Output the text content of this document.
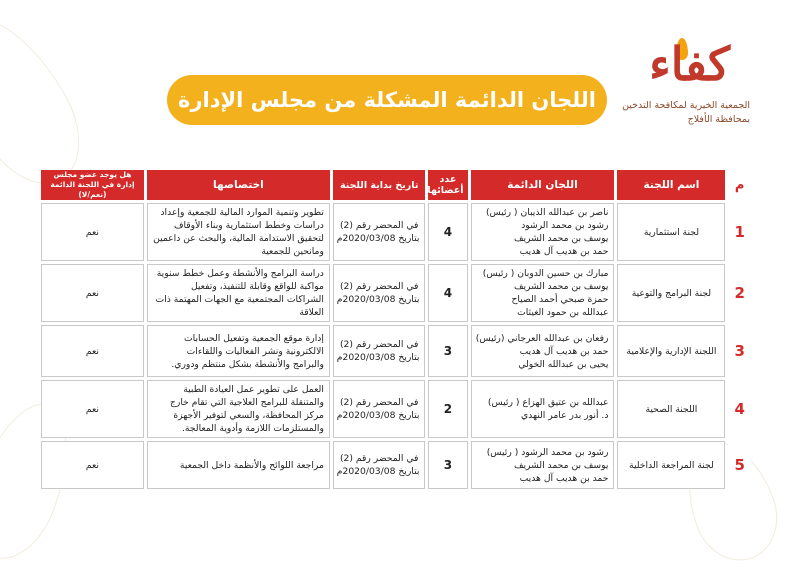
كفاء
الجمعية الخيرية لمكافحة التدخين
بمحافظة الأفلاج
اللجان الدائمة المشكلة من مجلس الإدارة
م	اسم اللجنة	اللجان الدائمة	عدد أعضائها	تاريخ بداية اللجنة	اختصاصها	هل يوجد عضو مجلس إدارة في اللجنة الدائمة (نعم/لا)
1	لجنة استثمارية	ناصر بن عبدالله الذيبان ( رئيس)
رشود بن محمد الرشود
يوسف بن محمد الشريف
حمد بن هديب آل هديب	4	في المحضر رقم (2)
بتاريخ 2020/03/08م	تطوير وتنمية الموارد المالية للجمعية وإعداد دراسات وخطط استثمارية وبناء الأوقاف لتحقيق الاستدامة المالية، والبحث عن داعمين ومانحين للجمعية	نعم
2	لجنة البرامج والتوعية	مبارك بن حسين الدوبان ( رئيس)
يوسف بن محمد الشريف
حمزة صبحي أحمد الصياح
عبدالله بن حمود الغيثات	4	في المحضر رقم (2)
بتاريخ 2020/03/08م	دراسة البرامج والأنشطة وعمل خطط سنوية مواكبة للواقع وقابلة للتنفيذ، وتفعيل الشراكات المجتمعية مع الجهات المهتمة ذات العلاقة	نعم
3	اللجنة الإدارية والإعلامية	رفعان بن عبدالله العرجاني (رئيس)
حمد بن هديب آل هديب
يحيى بن عبدالله الخولي	3	في المحضر رقم (2)
بتاريخ 2020/03/08م	إدارة موقع الجمعية وتفعيل الحسابات الالكترونية ونشر الفعاليات واللقاءات والبرامج والأنشطة بشكل منتظم ودوري.	نعم
4	اللجنة الصحية	عبدالله بن عتيق الهزاع ( رئيس)
د. أنور بدر عامر النهدي	2	في المحضر رقم (2)
بتاريخ 2020/03/08م	العمل على تطوير عمل العيادة الطبية والمتنقلة للبرامج العلاجية التي تقام خارج مركز المحافظة، والسعي لتوفير الأجهزة والمستلزمات اللازمة وأدوية المعالجة.	نعم
5	لجنة المراجعة الداخلية	رشود بن محمد الرشود ( رئيس)
يوسف بن محمد الشريف
حمد بن هديب آل هديب	3	في المحضر رقم (2)
بتاريخ 2020/03/08م	مراجعة اللوائح والأنظمة داخل الجمعية	نعم
